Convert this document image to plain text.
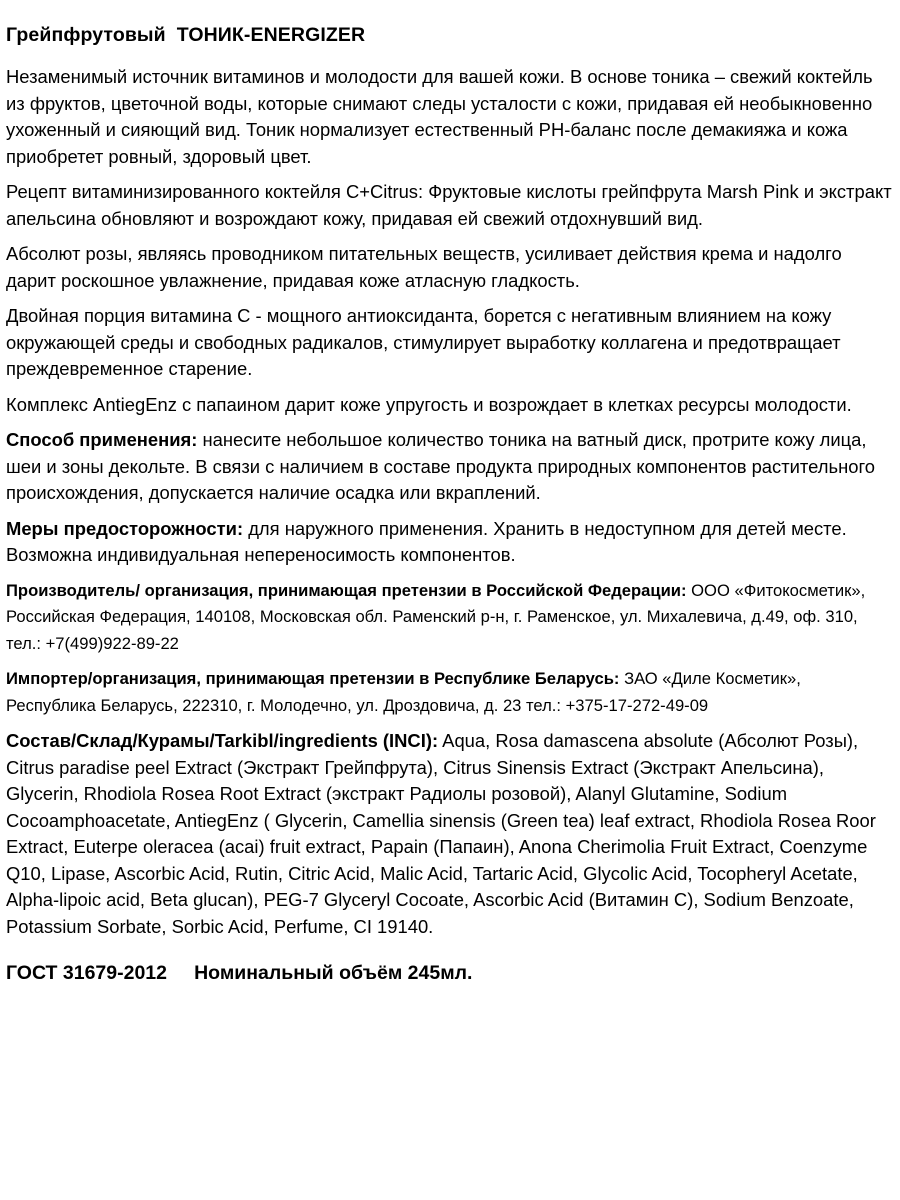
Грейпфрутовый  ТОНИК-ENERGIZER

Незаменимый источник витаминов и молодости для вашей кожи. В основе тоника – свежий коктейль из фруктов, цветочной воды, которые снимают следы усталости с кожи, придавая ей необыкновенно ухоженный и сияющий вид. Тоник нормализует естественный PH-баланс после демакияжа и кожа приобретет ровный, здоровый цвет.

Рецепт витаминизированного коктейля С+Citrus: Фруктовые кислоты грейпфрута Marsh Pink и экстракт апельсина обновляют и возрождают кожу, придавая ей свежий отдохнувший вид.

Абсолют розы, являясь проводником питательных веществ, усиливает действия крема и надолго дарит роскошное увлажнение, придавая коже атласную гладкость.

Двойная порция витамина С - мощного антиоксиданта, борется с негативным влиянием на кожу окружающей среды и свободных радикалов, стимулирует выработку коллагена и предотвращает преждевременное старение.

Комплекс AntiegEnz с папаином дарит коже упругость и возрождает в клетках ресурсы молодости.

Способ применения: нанесите небольшое количество тоника на ватный диск, протрите кожу лица, шеи и зоны декольте. В связи с наличием в составе продукта природных компонентов растительного происхождения, допускается наличие осадка или вкраплений.

Меры предосторожности: для наружного применения. Хранить в недоступном для детей месте. Возможна индивидуальная непереносимость компонентов.

Производитель/ организация, принимающая претензии в Российской Федерации: ООО «Фитокосметик», Российская Федерация, 140108, Московская обл. Раменский р-н, г. Раменское, ул. Михалевича, д.49, оф. 310, тел.: +7(499)922-89-22

Импортер/организация, принимающая претензии в Республике Беларусь: ЗАО «Диле Косметик», Республика Беларусь, 222310, г. Молодечно, ул. Дроздовича, д. 23 тел.: +375-17-272-49-09

Состав/Склад/Курамы/Tarkibl/ingredients (INCI): Aqua, Rosa damascena absolute (Абсолют Розы), Citrus paradise peel Extract (Экстракт Грейпфрута), Citrus Sinensis Extract (Экстракт Апельсина), Glycerin, Rhodiola Rosea Root Extract (экстракт Радиолы розовой), Alanyl Glutamine, Sodium Cocoamphoacetate, AntiegEnz ( Glycerin, Camellia sinensis (Green tea) leaf extract, Rhodiola Rosea Roor Extract, Euterpe oleracea (acai) fruit extract, Papain (Папаин), Anona Cherimolia Fruit Extract, Coenzyme Q10, Lipase, Ascorbic Acid, Rutin, Citric Acid, Malic Acid, Tartaric Acid, Glycolic Acid, Tocopheryl Acetate, Alpha-lipoic acid, Beta glucan), PEG-7 Glyceryl Cocoate, Ascorbic Acid (Витамин С), Sodium Benzoate, Potassium Sorbate, Sorbic Acid, Perfume, CI 19140.

ГОСТ 31679-2012 Номинальный объём 245мл.
